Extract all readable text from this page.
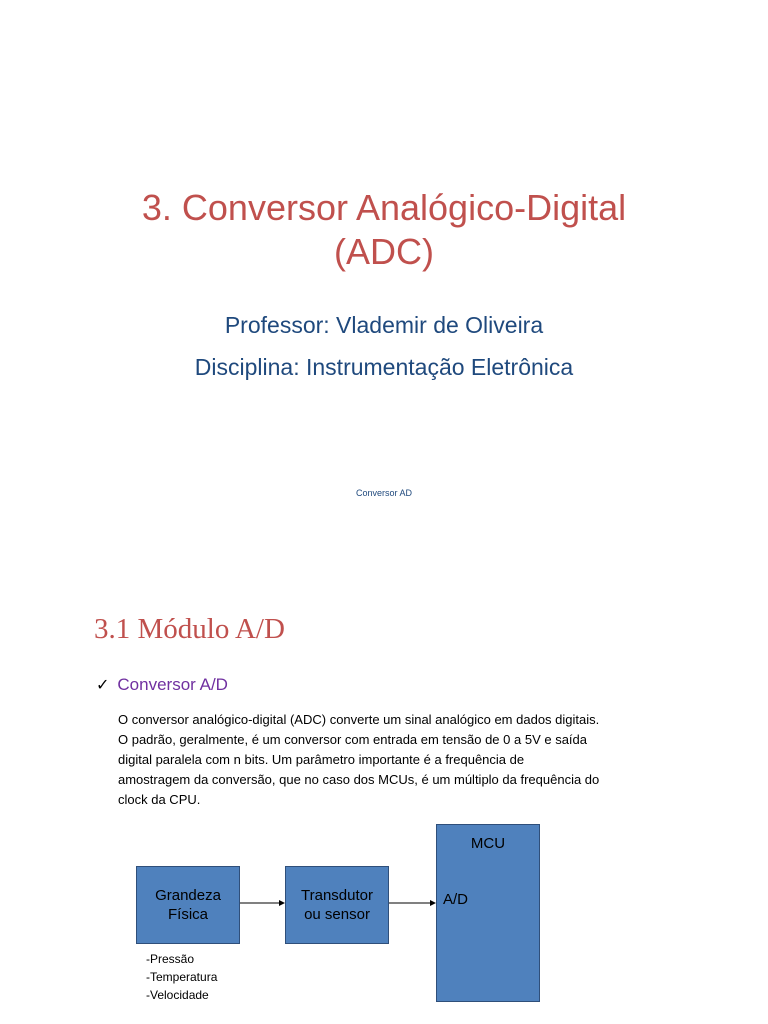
3. Conversor Analógico-Digital
(ADC)
Professor: Vlademir de Oliveira
Disciplina: Instrumentação Eletrônica
Conversor AD
3.1 Módulo A/D
✓ Conversor A/D
O conversor analógico-digital (ADC) converte um sinal analógico em dados digitais.
O padrão, geralmente, é um conversor com entrada em tensão de 0 a 5V e saída
digital paralela com n bits. Um parâmetro importante é a frequência de
amostragem da conversão, que no caso dos MCUs, é um múltiplo da frequência do
clock da CPU.
Grandeza
Física
Transdutor
ou sensor
MCU
A/D
-Pressão
-Temperatura
-Velocidade
